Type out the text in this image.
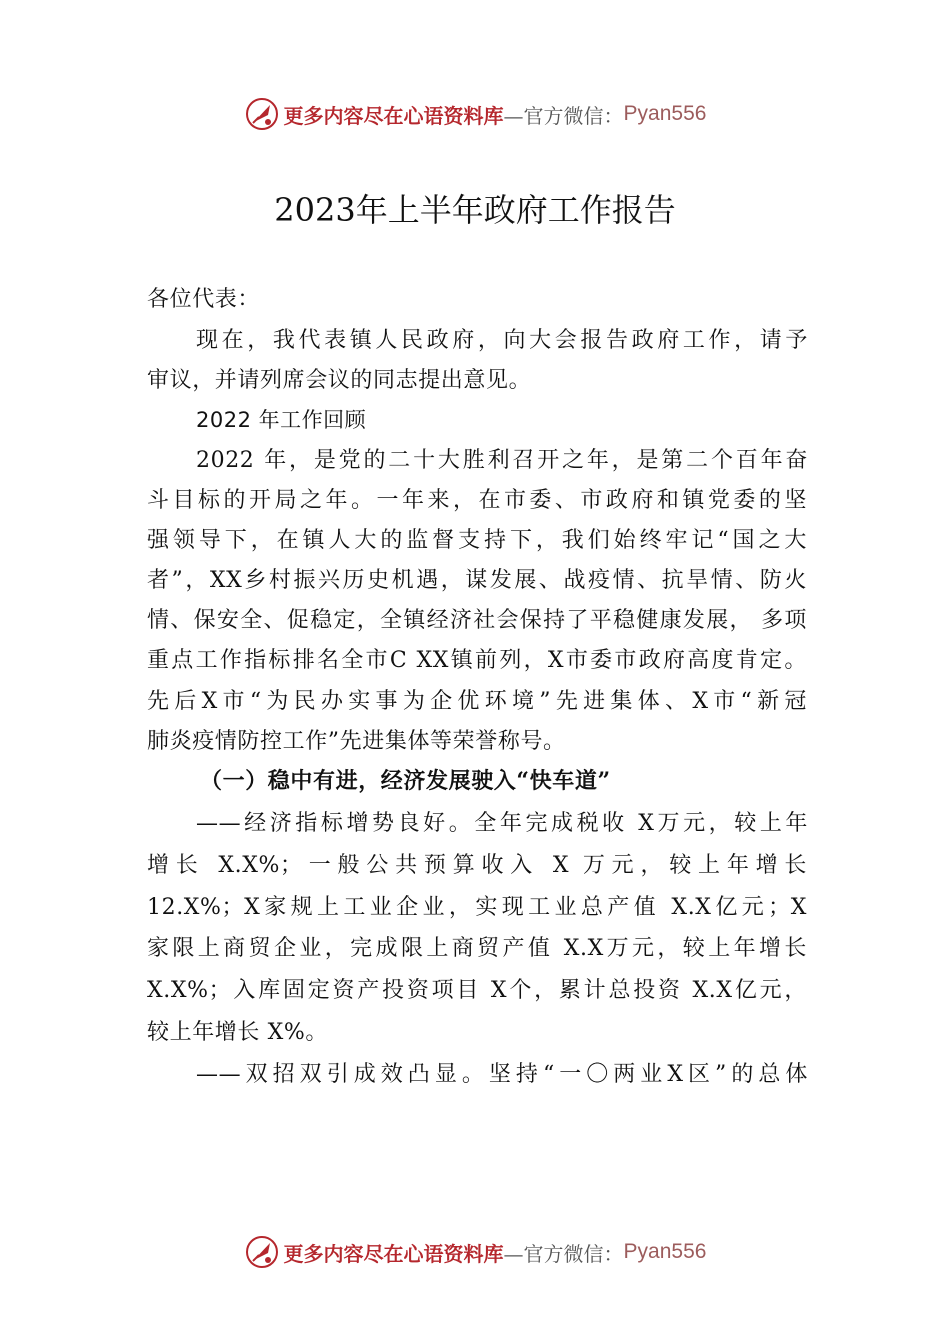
更多内容尽在心语资料库 —官方微信： Pyan556
2023年上半年政府工作报告
各位代表：
现在，我代表镇人民政府，向大会报告政府工作，请予
审议，并请列席会议的同志提出意见。
2022 年工作回顾
2022 年，是党的二十大胜利召开之年，是第二个百年奋
斗目标的开局之年。一年来，在市委、市政府和镇党委的坚
强领导下，在镇人大的监督支持下，我们始终牢记“国之大
者”，XX乡村振兴历史机遇，谋发展、战疫情、抗旱情、防火
情、保安全、促稳定，全镇经济社会保持了平稳健康发展， 多项
重点工作指标排名全市C XX镇前列，X市委市政府高度肯定。
先后X市“为民办实事为企优环境”先进集体、X市“新冠
肺炎疫情防控工作”先进集体等荣誉称号。
（一）稳中有进，经济发展驶入“快车道”
——经济指标增势良好。全年完成税收 X万元，较上年
增长 X.X%；一般公共预算收入 X 万元，较上年增长
12.X%；X家规上工业企业，实现工业总产值 X.X亿元；X
家限上商贸企业，完成限上商贸产值 X.X万元，较上年增长
X.X%；入库固定资产投资项目 X个，累计总投资 X.X亿元，
较上年增长 X%。
——双招双引成效凸显。坚持“一〇两业X区”的总体
更多内容尽在心语资料库 —官方微信： Pyan556
